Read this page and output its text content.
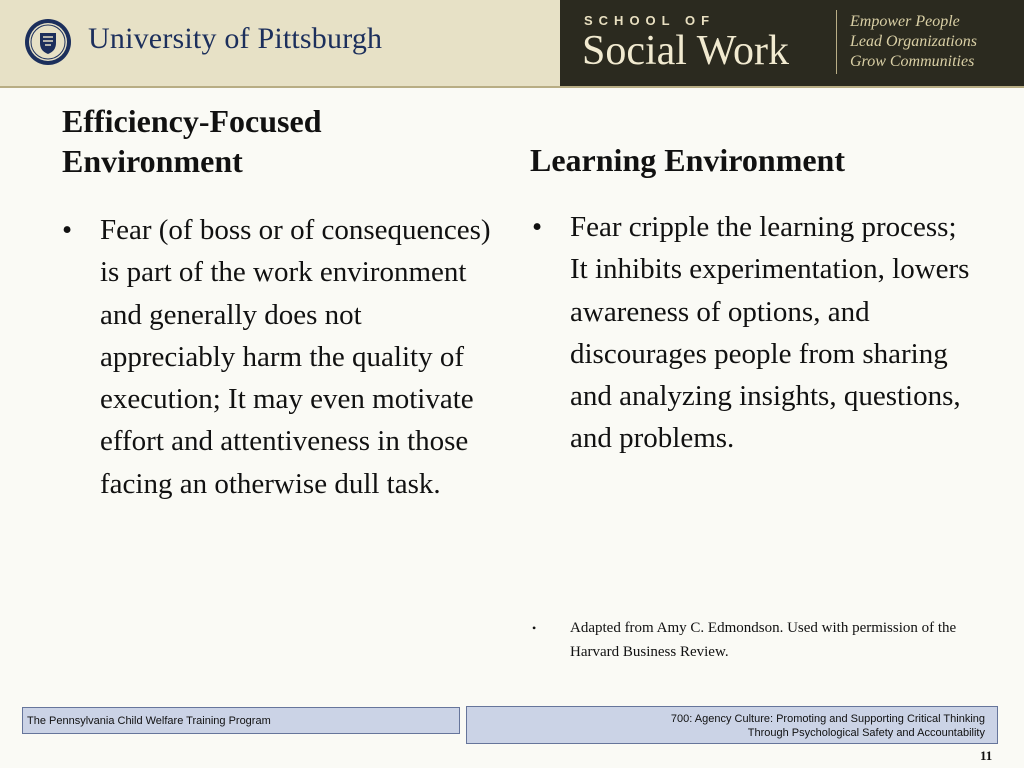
University of Pittsburgh
SCHOOL OF
Social Work
Empower People
Lead Organizations
Grow Communities
Efficiency-Focused
Environment
• Fear (of boss or of consequences) is part of the work environment and generally does not appreciably harm the quality of execution; It may even motivate effort and attentiveness in those facing an otherwise dull task.
Learning Environment
• Fear cripple the learning process; It inhibits experimentation, lowers awareness of options, and discourages people from sharing and analyzing insights, questions, and problems.
•	Adapted from Amy C. Edmondson. Used with permission of the Harvard Business Review.
The Pennsylvania Child Welfare Training Program	700: Agency Culture: Promoting and Supporting Critical Thinking
Through Psychological Safety and Accountability
11
